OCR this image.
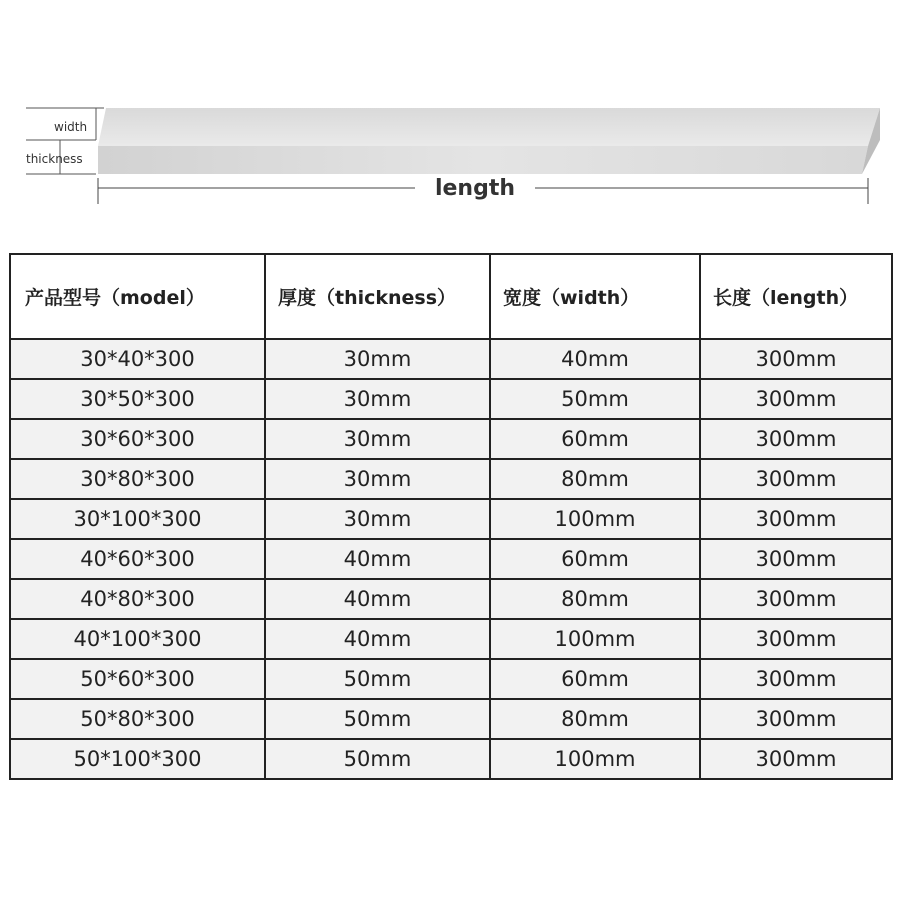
width
thickness
length
产品型号（model）	厚度（thickness）	宽度（width）	长度（length）
30*40*300	30mm	40mm	300mm
30*50*300	30mm	50mm	300mm
30*60*300	30mm	60mm	300mm
30*80*300	30mm	80mm	300mm
30*100*300	30mm	100mm	300mm
40*60*300	40mm	60mm	300mm
40*80*300	40mm	80mm	300mm
40*100*300	40mm	100mm	300mm
50*60*300	50mm	60mm	300mm
50*80*300	50mm	80mm	300mm
50*100*300	50mm	100mm	300mm
